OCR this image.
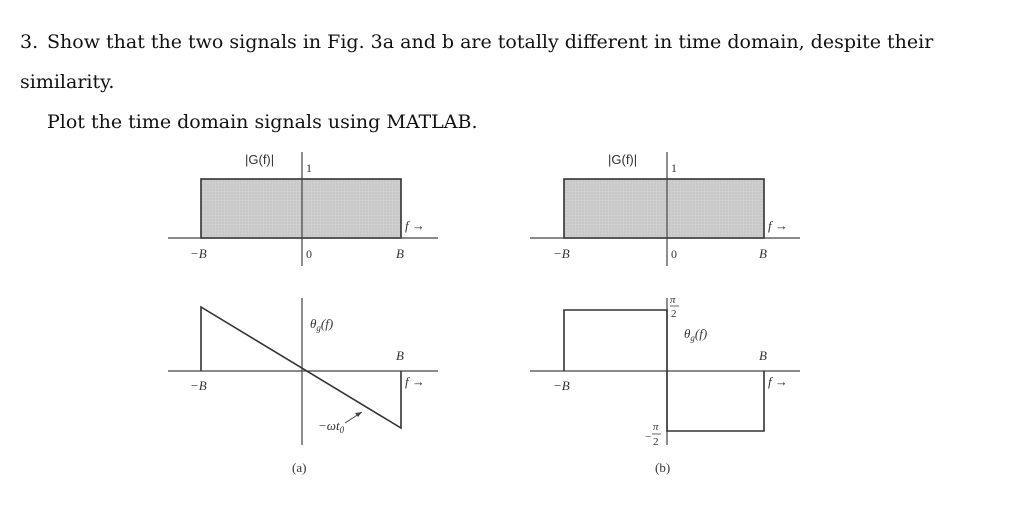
3. Show that the two signals in Fig. 3a and b are totally different in time domain, despite their similarity.
Plot the time domain signals using MATLAB.
|G(f)|
1
−B	0	B
f →
$\theta_g(f)$
−B
B
f →
$-\omega t_0$
(a)
|G(f)|
1
−B	0	B
f →
π
2
$\theta_g(f)$
−
π
2
−B
B
f →
(b)
